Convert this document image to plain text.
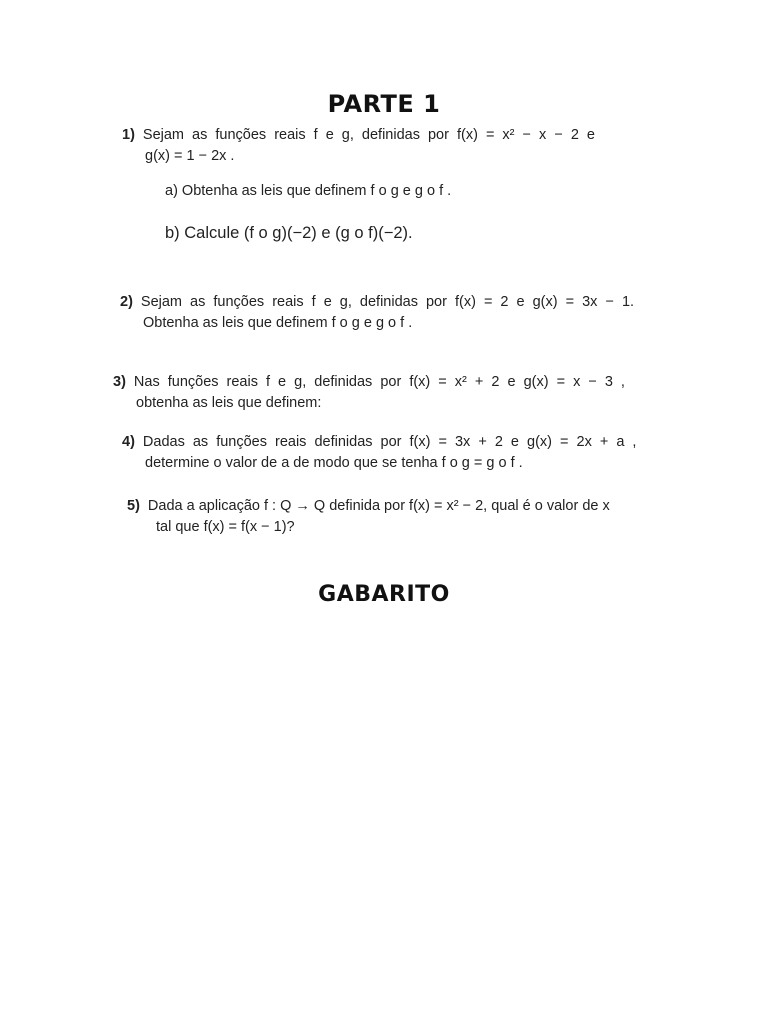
PARTE 1
1) Sejam as funções reais f e g, definidas por f(x) = x² − x − 2 e
g(x) = 1 − 2x .
a) Obtenha as leis que definem f o g e g o f .
b) Calcule (f o g)(−2) e (g o f)(−2).
2) Sejam as funções reais f e g, definidas por f(x) = 2 e g(x) = 3x − 1.
Obtenha as leis que definem f o g e g o f .
3) Nas funções reais f e g, definidas por f(x) = x² + 2 e g(x) = x − 3 ,
obtenha as leis que definem:
4) Dadas as funções reais definidas por f(x) = 3x + 2 e g(x) = 2x + a ,
determine o valor de a de modo que se tenha f o g = g o f .
5) Dada a aplicação f : Q → Q definida por f(x) = x² − 2, qual é o valor de x
tal que f(x) = f(x − 1)?
GABARITO
